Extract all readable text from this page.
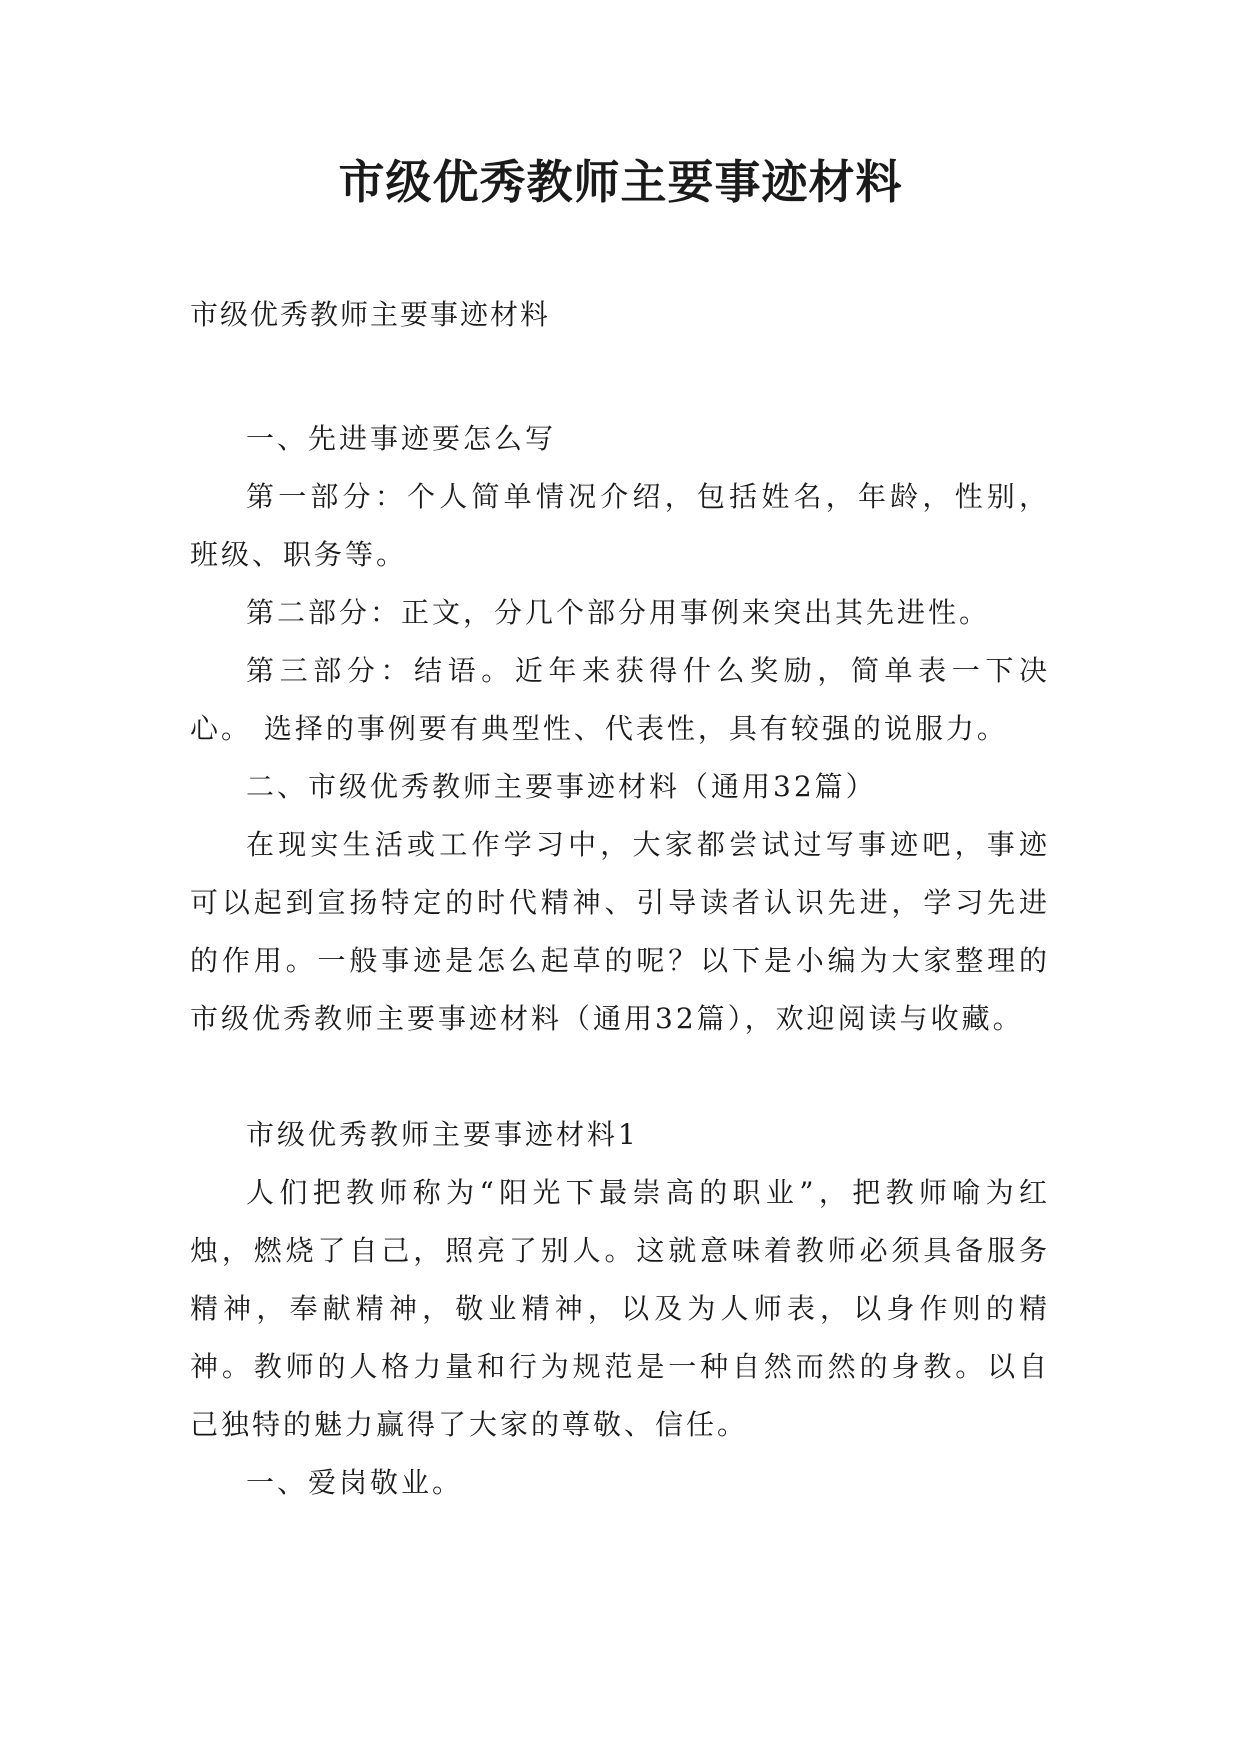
市级优秀教师主要事迹材料

市级优秀教师主要事迹材料

一、先进事迹要怎么写

第一部分：个人简单情况介绍，包括姓名，年龄，性别，班级、职务等。

第二部分：正文，分几个部分用事例来突出其先进性。

第三部分：结语。近年来获得什么奖励，简单表一下决心。 选择的事例要有典型性、代表性，具有较强的说服力。

二、市级优秀教师主要事迹材料（通用32篇）

在现实生活或工作学习中，大家都尝试过写事迹吧，事迹可以起到宣扬特定的时代精神、引导读者认识先进，学习先进的作用。一般事迹是怎么起草的呢？以下是小编为大家整理的市级优秀教师主要事迹材料（通用32篇），欢迎阅读与收藏。

市级优秀教师主要事迹材料1

人们把教师称为“阳光下最崇高的职业”，把教师喻为红烛，燃烧了自己，照亮了别人。这就意味着教师必须具备服务精神，奉献精神，敬业精神，以及为人师表，以身作则的精神。教师的人格力量和行为规范是一种自然而然的身教。以自己独特的魅力赢得了大家的尊敬、信任。

一、爱岗敬业。
